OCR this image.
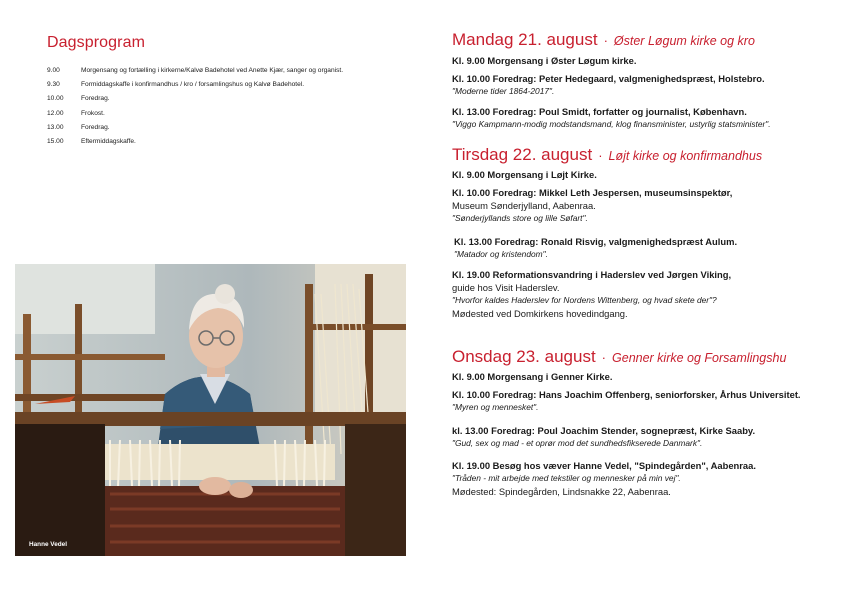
Dagsprogram
9.00	Morgensang og fortælling i kirkerne/Kalvø Badehotel ved Anette Kjær, sanger og organist.
9.30	Formiddagskaffe i konfirmandhus / kro / forsamlingshus og Kalvø Badehotel.
10.00	Foredrag.
12.00	Frokost.
13.00	Foredrag.
15.00	Eftermiddagskaffe.
Hanne Vedel
Mandag 21. august · Øster Løgum kirke og kro
Kl. 9.00 Morgensang i Øster Løgum kirke.
Kl. 10.00 Foredrag: Peter Hedegaard, valgmenighedspræst, Holstebro.
"Moderne tider 1864-2017".
Kl. 13.00 Foredrag: Poul Smidt, forfatter og journalist, København.
"Viggo Kampmann-modig modstandsmand, klog finansminister, ustyrlig statsminister".
Tirsdag 22. august · Løjt kirke og konfirmandhus
Kl. 9.00 Morgensang i Løjt Kirke.
Kl. 10.00 Foredrag: Mikkel Leth Jespersen, museumsinspektør,
Museum Sønderjylland, Aabenraa.
"Sønderjyllands store og lille Søfart".
Kl. 13.00 Foredrag: Ronald Risvig, valgmenighedspræst Aulum.
"Matador og kristendom".
Kl. 19.00 Reformationsvandring i Haderslev ved Jørgen Viking,
guide hos Visit Haderslev.
"Hvorfor kaldes Haderslev for Nordens Wittenberg, og hvad skete der"?
Mødested ved Domkirkens hovedindgang.
Onsdag 23. august · Genner kirke og Forsamlingshu
Kl. 9.00 Morgensang i Genner Kirke.
Kl. 10.00 Foredrag: Hans Joachim Offenberg, seniorforsker, Århus Universitet.
"Myren og mennesket".
kl. 13.00 Foredrag: Poul Joachim Stender, sognepræst, Kirke Saaby.
"Gud, sex og mad - et oprør mod det sundhedsfikserede Danmark".
Kl. 19.00 Besøg hos væver Hanne Vedel, "Spindegården", Aabenraa.
"Tråden - mit arbejde med tekstiler og mennesker på min vej".
Mødested: Spindegården, Lindsnakke 22, Aabenraa.
